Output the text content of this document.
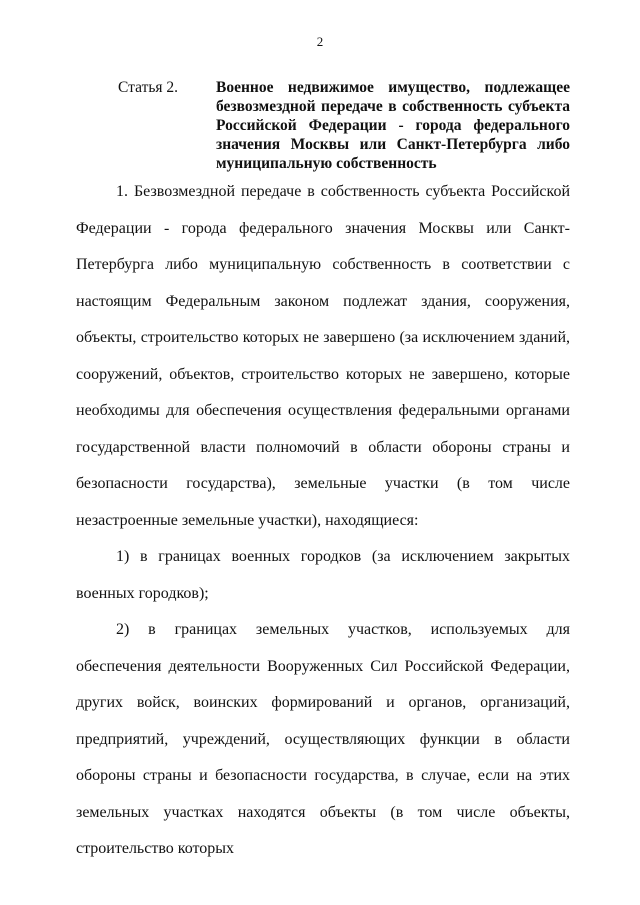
2
Статья 2.	Военное недвижимое имущество, подлежащее безвозмездной передаче в собственность субъекта Российской Федерации - города федерального значения Москвы или Санкт-Петербурга либо муниципальную собственность

1. Безвозмездной передаче в собственность субъекта Российской Федерации - города федерального значения Москвы или Санкт-Петербурга либо муниципальную собственность в соответствии с настоящим Федеральным законом подлежат здания, сооружения, объекты, строительство которых не завершено (за исключением зданий, сооружений, объектов, строительство которых не завершено, которые необходимы для обеспечения осуществления федеральными органами государственной власти полномочий в области обороны страны и безопасности государства), земельные участки (в том числе незастроенные земельные участки), находящиеся:

1) в границах военных городков (за исключением закрытых военных городков);

2) в границах земельных участков, используемых для обеспечения деятельности Вооруженных Сил Российской Федерации, других войск, воинских формирований и органов, организаций, предприятий, учреждений, осуществляющих функции в области обороны страны и безопасности государства, в случае, если на этих земельных участках находятся объекты (в том числе объекты, строительство которых
